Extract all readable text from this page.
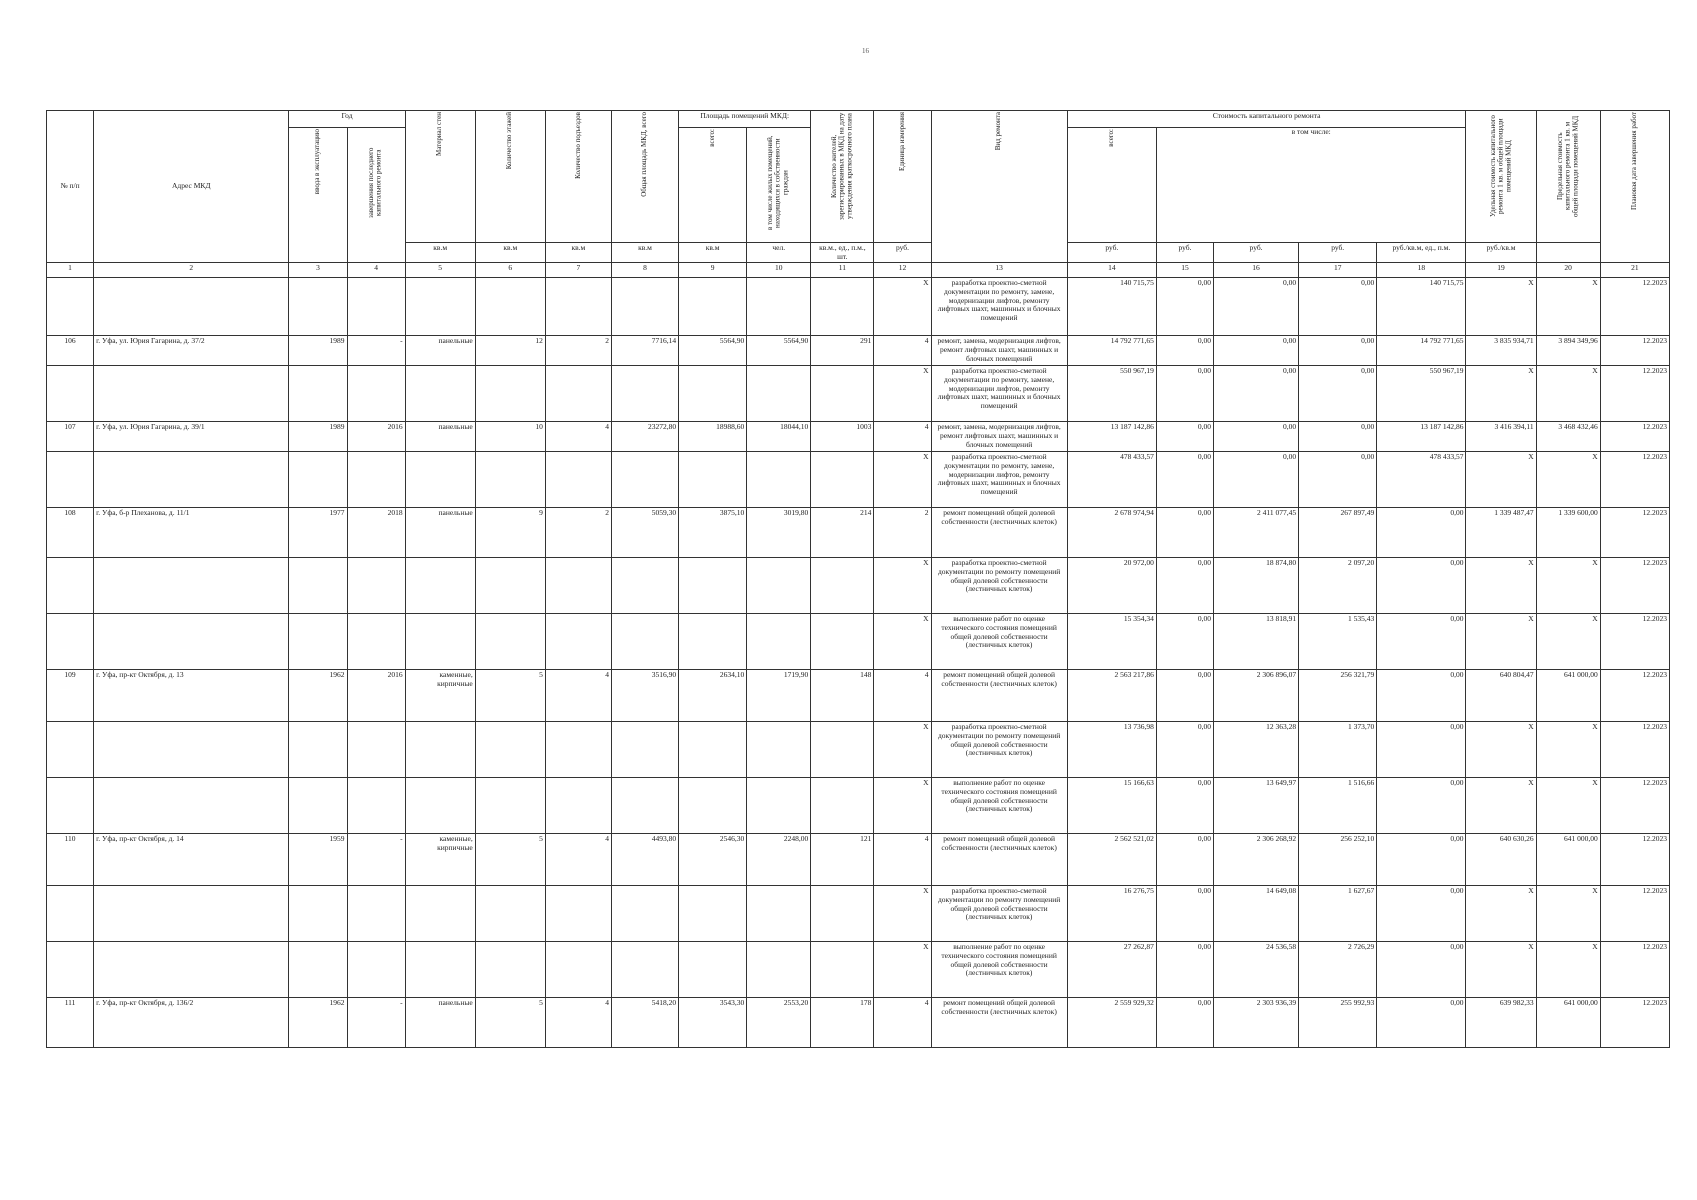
16
№ п/п	Адрес МКД	Год		Материал стен	Количество этажей	Количество подъездов	Общая площадь МКД, всего	Площадь помещений МКД:		Количество жителей, зарегистрированных в МКД на дату утверждения краткосрочного плана	Единица измерения	Вид ремонта	Стоимость капитального ремонта					Удельная стоимость капитального ремонта 1 кв. м общей площади помещений МКД	Предельная стоимость капитального ремонта 1 кв. м общей площади помещений МКД	Плановая дата завершения работ
		ввода в эксплуатацию	завершения последнего капитального ремонта					всего:	в том числе жилых помещений, находящихся в собственности граждан				всего:	в том числе:						
				кв.м	кв.м	кв.м	кв.м	кв.м	чел.	кв.м., ед., п.м., шт.	руб.		руб.	руб.	руб.	руб.	руб./кв.м, ед., п.м.	руб./кв.м		
1	2	3	4	5	6	7	8	9	10	11	12	13	14	15	16	17	18	19	20	21
											X	разработка проектно-сметной документации по ремонту, замене, модернизации лифтов, ремонту лифтовых шахт, машинных и блочных помещений	140 715,75	0,00	0,00	0,00	140 715,75	X	X	12.2023
106	г. Уфа, ул. Юрия Гагарина, д. 37/2	1989	-	панельные	12	2	7716,14	5564,90	5564,90	291	4	ремонт, замена, модернизация лифтов, ремонт лифтовых шахт, машинных и блочных помещений	14 792 771,65	0,00	0,00	0,00	14 792 771,65	3 835 934,71	3 894 349,96	12.2023
											X	разработка проектно-сметной документации по ремонту, замене, модернизации лифтов, ремонту лифтовых шахт, машинных и блочных помещений	550 967,19	0,00	0,00	0,00	550 967,19	X	X	12.2023
107	г. Уфа, ул. Юрия Гагарина, д. 39/1	1989	2016	панельные	10	4	23272,80	18988,60	18044,10	1003	4	ремонт, замена, модернизация лифтов, ремонт лифтовых шахт, машинных и блочных помещений	13 187 142,86	0,00	0,00	0,00	13 187 142,86	3 416 394,11	3 468 432,46	12.2023
											X	разработка проектно-сметной документации по ремонту, замене, модернизации лифтов, ремонту лифтовых шахт, машинных и блочных помещений	478 433,57	0,00	0,00	0,00	478 433,57	X	X	12.2023
108	г. Уфа, б-р Плеханова, д. 11/1	1977	2018	панельные	9	2	5059,30	3875,10	3019,80	214	2	ремонт помещений общей долевой собственности (лестничных клеток)	2 678 974,94	0,00	2 411 077,45	267 897,49	0,00	1 339 487,47	1 339 600,00	12.2023
											X	разработка проектно-сметной документации по ремонту помещений общей долевой собственности (лестничных клеток)	20 972,00	0,00	18 874,80	2 097,20	0,00	X	X	12.2023
											X	выполнение работ по оценке технического состояния помещений общей долевой собственности (лестничных клеток)	15 354,34	0,00	13 818,91	1 535,43	0,00	X	X	12.2023
109	г. Уфа, пр-кт Октября, д. 13	1962	2016	каменные, кирпичные	5	4	3516,90	2634,10	1719,90	148	4	ремонт помещений общей долевой собственности (лестничных клеток)	2 563 217,86	0,00	2 306 896,07	256 321,79	0,00	640 804,47	641 000,00	12.2023
											X	разработка проектно-сметной документации по ремонту помещений общей долевой собственности (лестничных клеток)	13 736,98	0,00	12 363,28	1 373,70	0,00	X	X	12.2023
											X	выполнение работ по оценке технического состояния помещений общей долевой собственности (лестничных клеток)	15 166,63	0,00	13 649,97	1 516,66	0,00	X	X	12.2023
110	г. Уфа, пр-кт Октября, д. 14	1959	-	каменные, кирпичные	5	4	4493,80	2546,30	2248,00	121	4	ремонт помещений общей долевой собственности (лестничных клеток)	2 562 521,02	0,00	2 306 268,92	256 252,10	0,00	640 630,26	641 000,00	12.2023
											X	разработка проектно-сметной документации по ремонту помещений общей долевой собственности (лестничных клеток)	16 276,75	0,00	14 649,08	1 627,67	0,00	X	X	12.2023
											X	выполнение работ по оценке технического состояния помещений общей долевой собственности (лестничных клеток)	27 262,87	0,00	24 536,58	2 726,29	0,00	X	X	12.2023
111	г. Уфа, пр-кт Октября, д. 136/2	1962	-	панельные	5	4	5418,20	3543,30	2553,20	178	4	ремонт помещений общей долевой собственности (лестничных клеток)	2 559 929,32	0,00	2 303 936,39	255 992,93	0,00	639 982,33	641 000,00	12.2023
